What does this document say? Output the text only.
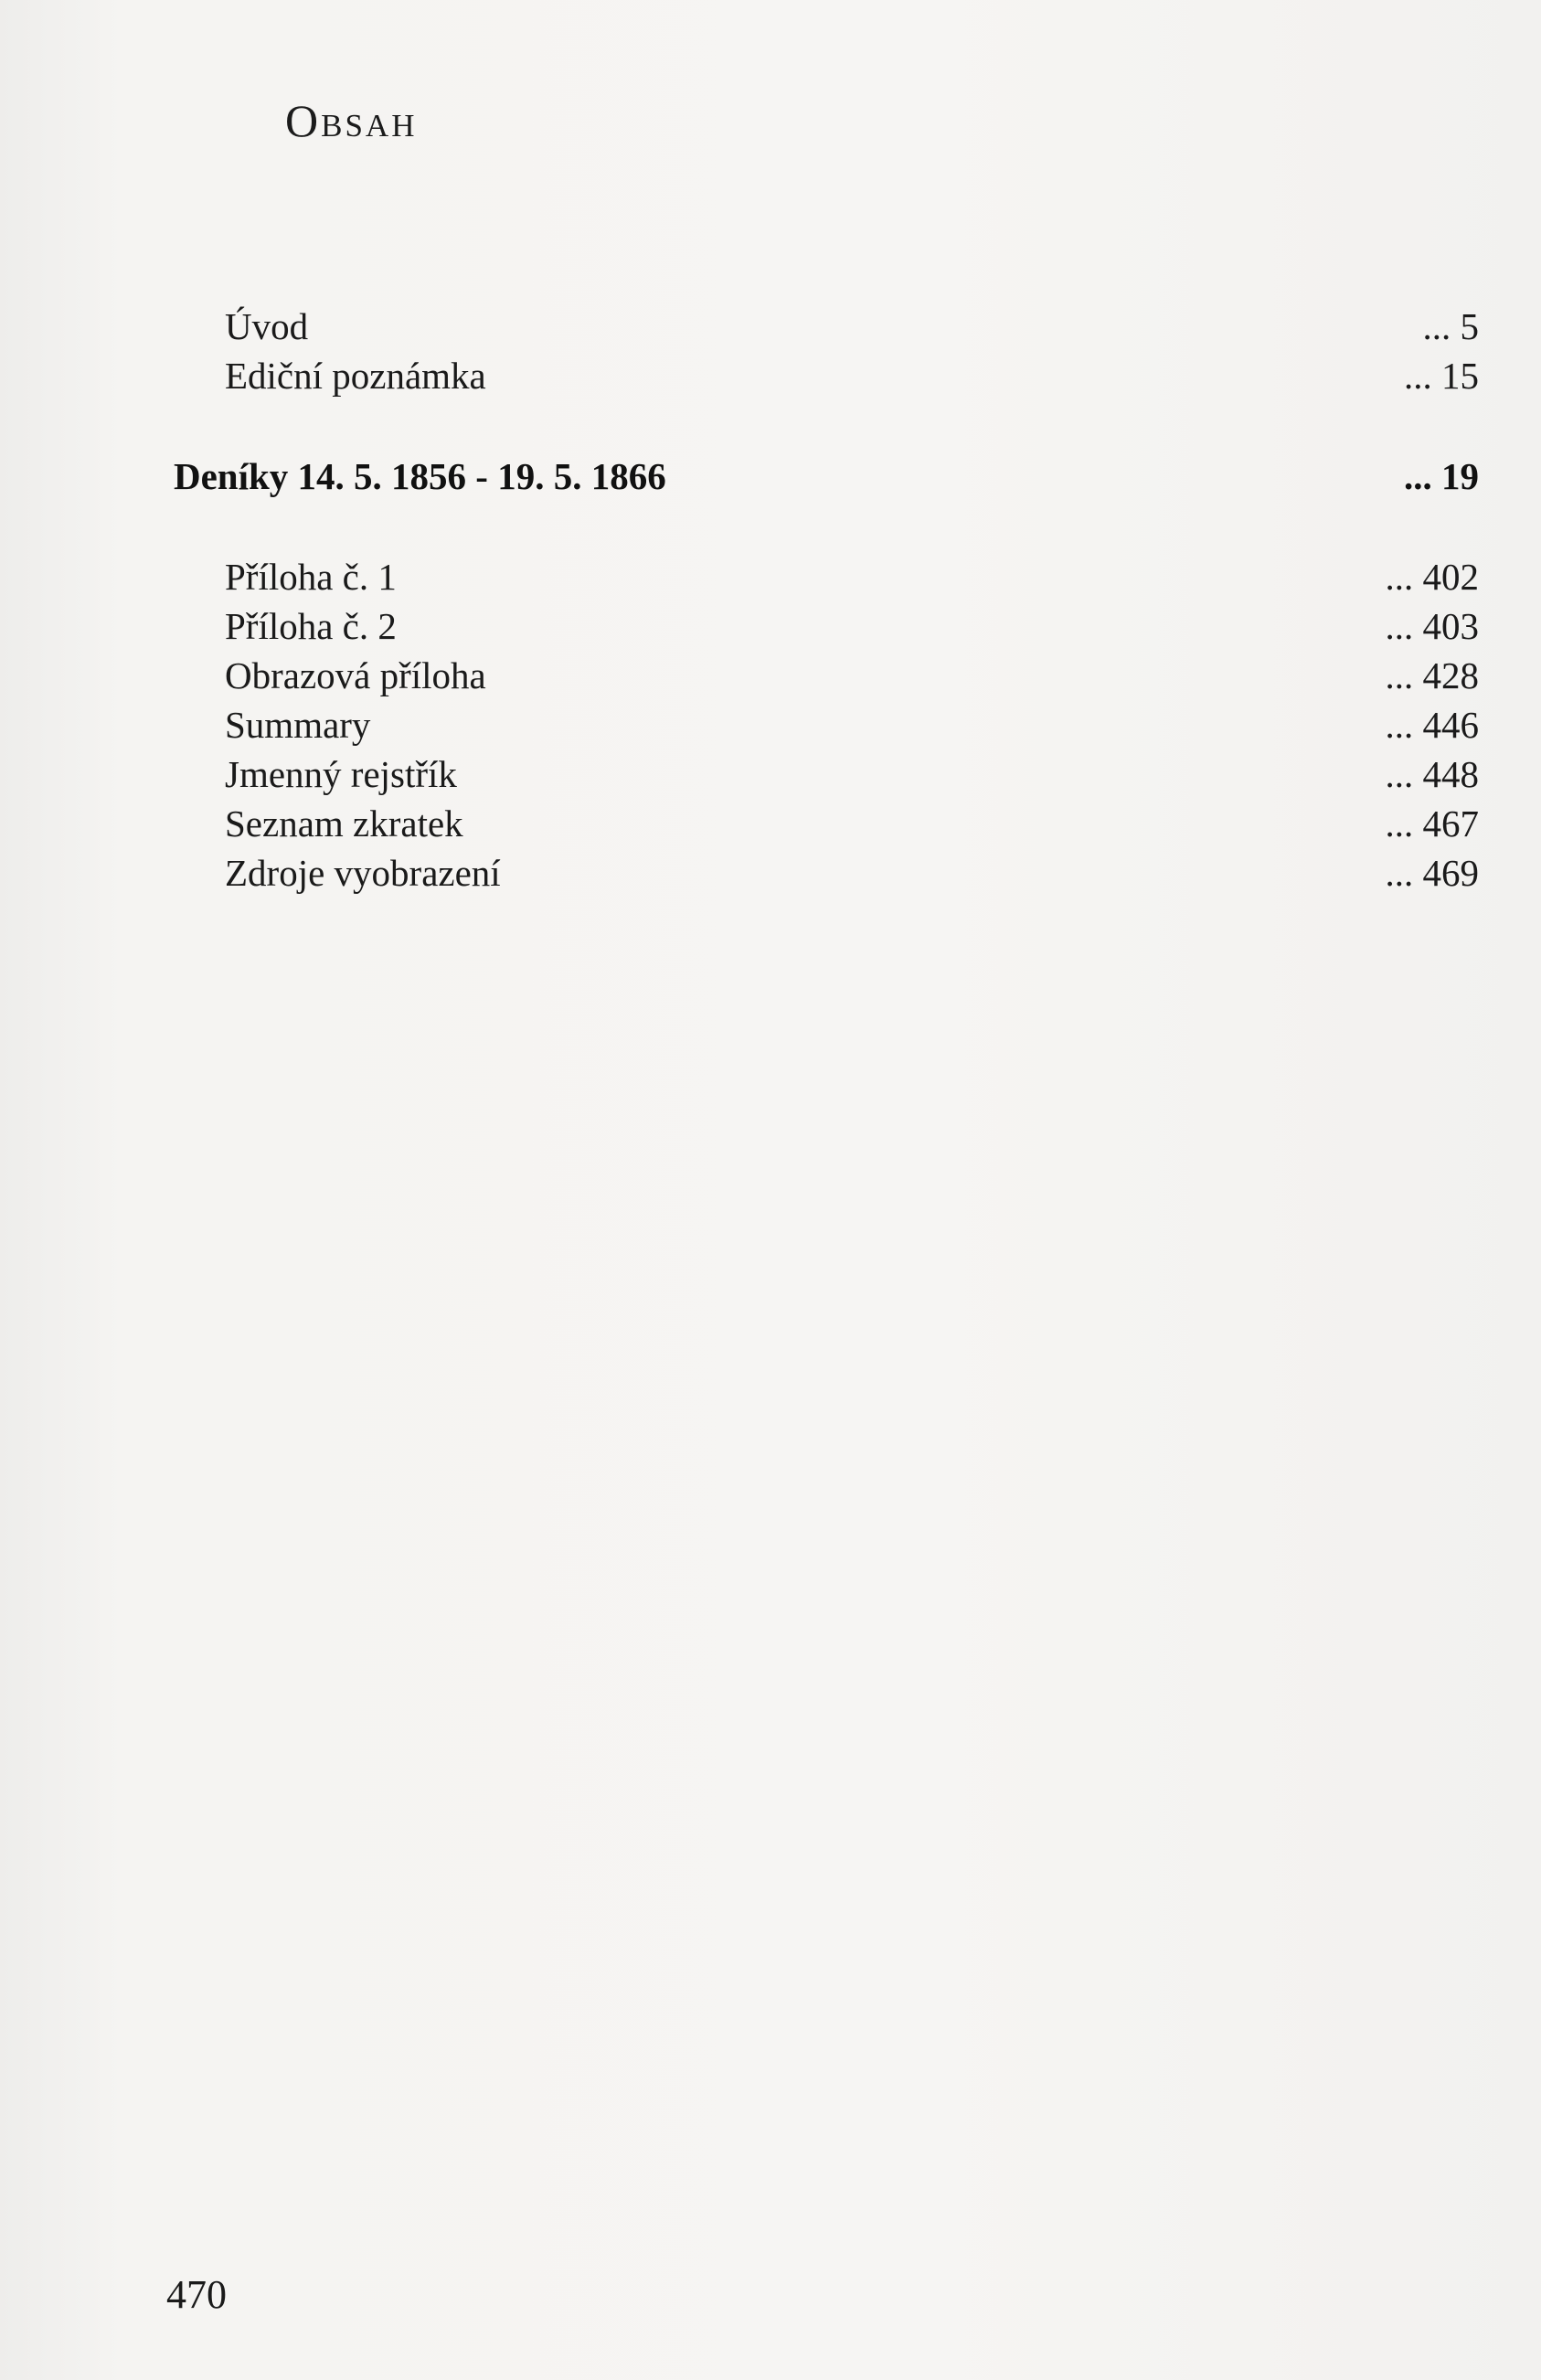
Obsah
Úvod	... 5
Ediční poznámka	... 15
Deníky 14. 5. 1856 - 19. 5. 1866	... 19
Příloha č. 1	... 402
Příloha č. 2	... 403
Obrazová příloha	... 428
Summary	... 446
Jmenný rejstřík	... 448
Seznam zkratek	... 467
Zdroje vyobrazení	... 469
470
